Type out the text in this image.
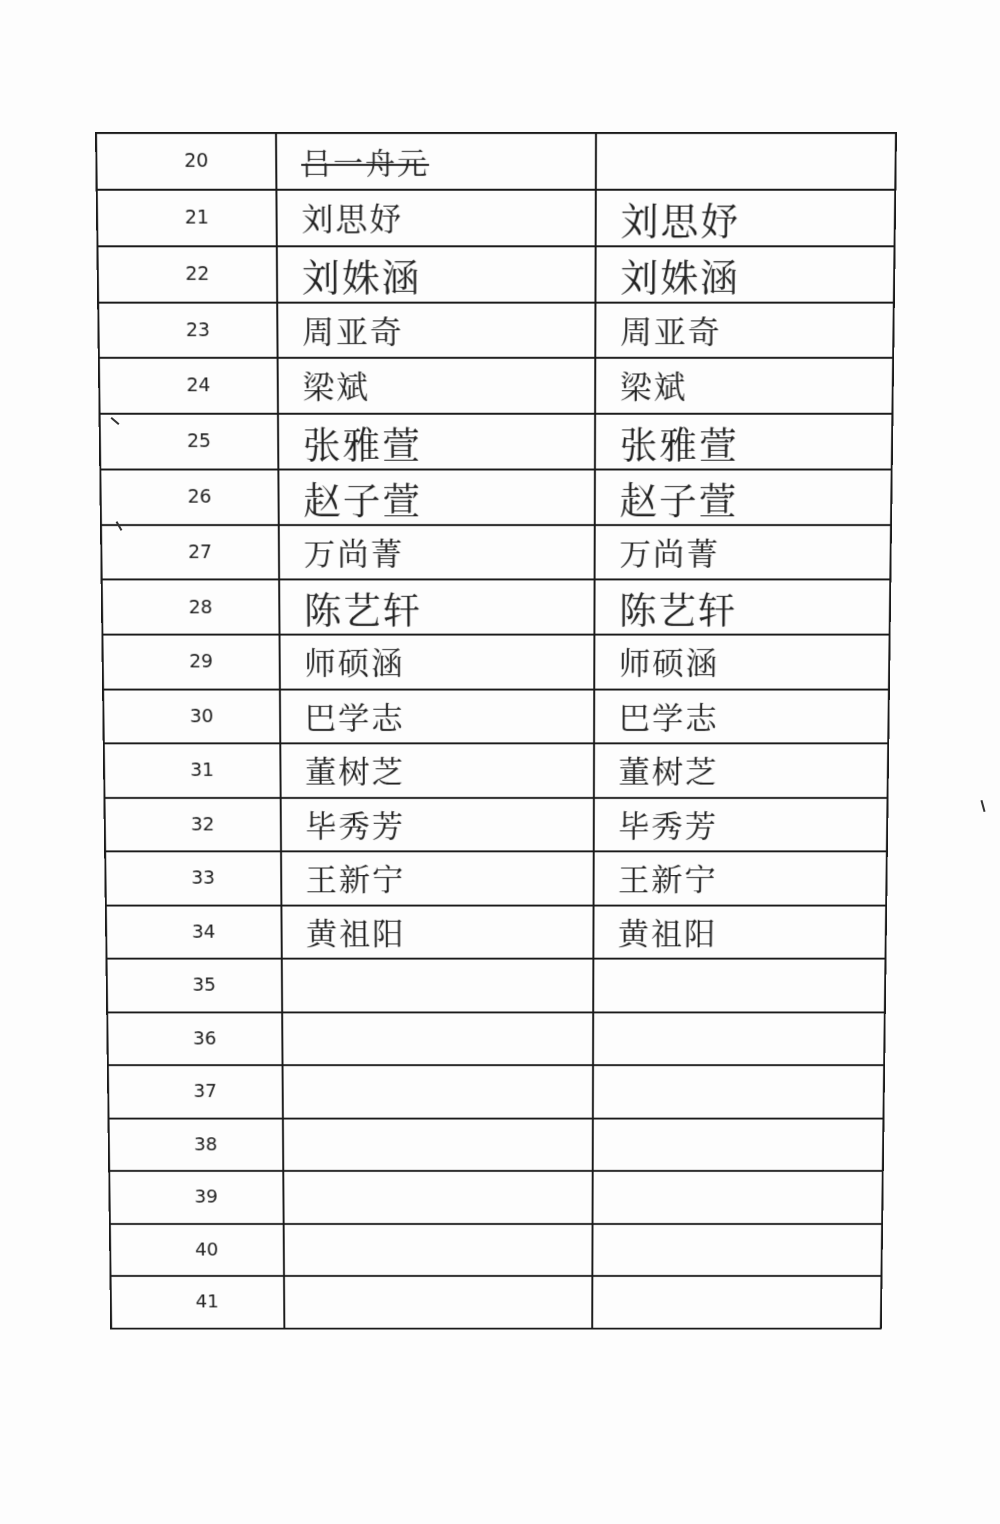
20	吕一舟元	
21	刘思妤	刘思妤
22	刘姝涵	刘姝涵
23	周亚奇	周亚奇
24	梁斌	梁斌
25	张雅萱	张雅萱
26	赵子萱	赵子萱
27	万尚菁	万尚菁
28	陈艺轩	陈艺轩
29	师硕涵	师硕涵
30	巴学志	巴学志
31	董树芝	董树芝
32	毕秀芳	毕秀芳
33	王新宁	王新宁
34	黄祖阳	黄祖阳
35		
36		
37		
38		
39		
40		
41		
